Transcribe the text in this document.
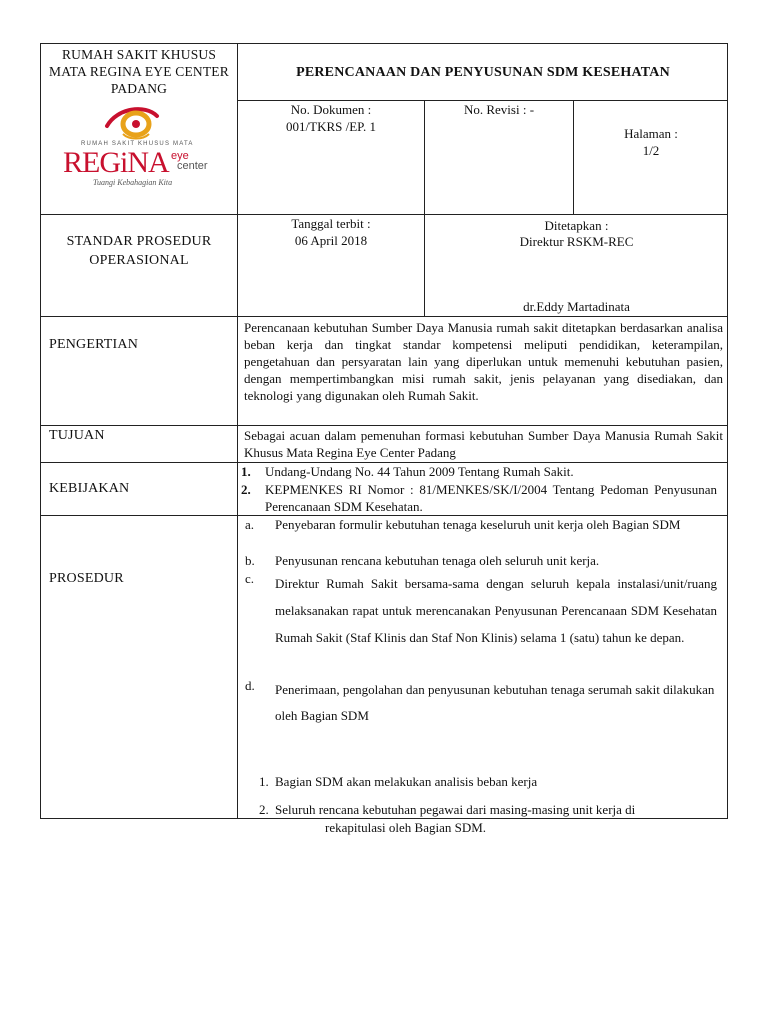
RUMAH SAKIT KHUSUS MATA REGINA EYE CENTER PADANG
RUMAH SAKIT KHUSUS MATA
REGiNA eye
center
Tuangi Kebahagian Kita
PERENCANAAN DAN PENYUSUNAN SDM KESEHATAN
No. Dokumen :
001/TKRS /EP. 1
No. Revisi : -
Halaman :
1/2
STANDAR PROSEDUR OPERASIONAL
Tanggal terbit :
06 April 2018
Ditetapkan :
Direktur RSKM-REC
dr.Eddy Martadinata
PENGERTIAN
Perencanaan kebutuhan Sumber Daya Manusia rumah sakit ditetapkan berdasarkan analisa beban kerja dan tingkat standar kompetensi meliputi pendidikan, keterampilan, pengetahuan dan persyaratan lain yang diperlukan untuk memenuhi kebutuhan pasien, dengan mempertimbangkan misi rumah sakit, jenis pelayanan yang disediakan, dan teknologi yang digunakan oleh Rumah Sakit.
TUJUAN	Sebagai acuan dalam pemenuhan formasi kebutuhan Sumber Daya Manusia Rumah Sakit Khusus Mata Regina Eye Center Padang
KEBIJAKAN
1. Undang-Undang No. 44 Tahun 2009 Tentang Rumah Sakit.
2. KEPMENKES RI Nomor : 81/MENKES/SK/I/2004 Tentang Pedoman Penyusunan Perencanaan SDM Kesehatan.
PROSEDUR
a. Penyebaran formulir kebutuhan tenaga keseluruh unit kerja oleh Bagian SDM
b. Penyusunan rencana kebutuhan tenaga oleh seluruh unit kerja.
c. Direktur Rumah Sakit bersama-sama dengan seluruh kepala instalasi/unit/ruang melaksanakan rapat untuk merencanakan Penyusunan Perencanaan SDM Kesehatan Rumah Sakit (Staf Klinis dan Staf Non Klinis) selama 1 (satu) tahun ke depan.
d. Penerimaan, pengolahan dan penyusunan kebutuhan tenaga serumah sakit dilakukan oleh Bagian SDM
1. Bagian SDM akan melakukan analisis beban kerja
2. Seluruh rencana kebutuhan pegawai dari masing-masing unit kerja di
rekapitulasi oleh Bagian SDM.
